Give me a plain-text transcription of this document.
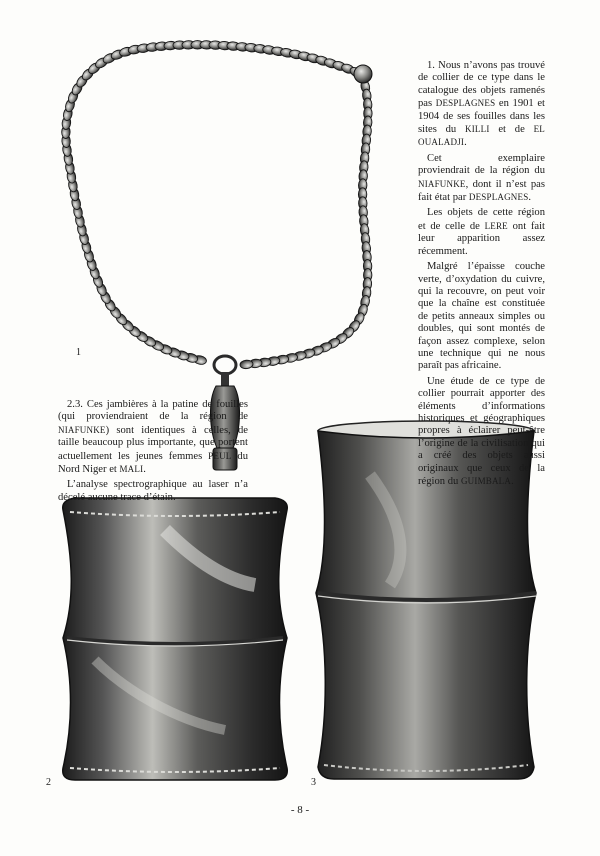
1. Nous n’avons pas trouvé de collier de ce type dans le catalogue des objets ramenés pas DESPLAGNES en 1901 et 1904 de ses fouilles dans les sites du KILLI et de EL OUALADJI.

Cet exemplaire proviendrait de la région du NIAFUNKE, dont il n’est pas fait état par DESPLAGNES.

Les objets de cette région et de celle de LERE ont fait leur apparition assez récemment.

Malgré l’épaisse couche verte, d’oxydation du cuivre, qui la recouvre, on peut voir que la chaîne est constituée de petits anneaux simples ou doubles, qui sont montés de façon assez complexe, selon une technique qui ne nous paraît pas africaine.

Une étude de ce type de collier pourrait apporter des éléments d’informations historiques et géographiques propres à éclairer peut-être l’origine de la civilisation qui a créé des objets aussi originaux que ceux de la région du GUIMBALA.

2.3. Ces jambières à la patine de fouilles (qui proviendraient de la région de NIAFUNKE) sont identiques à celles, de taille beaucoup plus importante, que portent actuellement les jeunes femmes PEUL du Nord Niger et MALI.

L’analyse spectrographique au laser n’a décelé aucune trace d’étain.

1
2	3
- 8 -
